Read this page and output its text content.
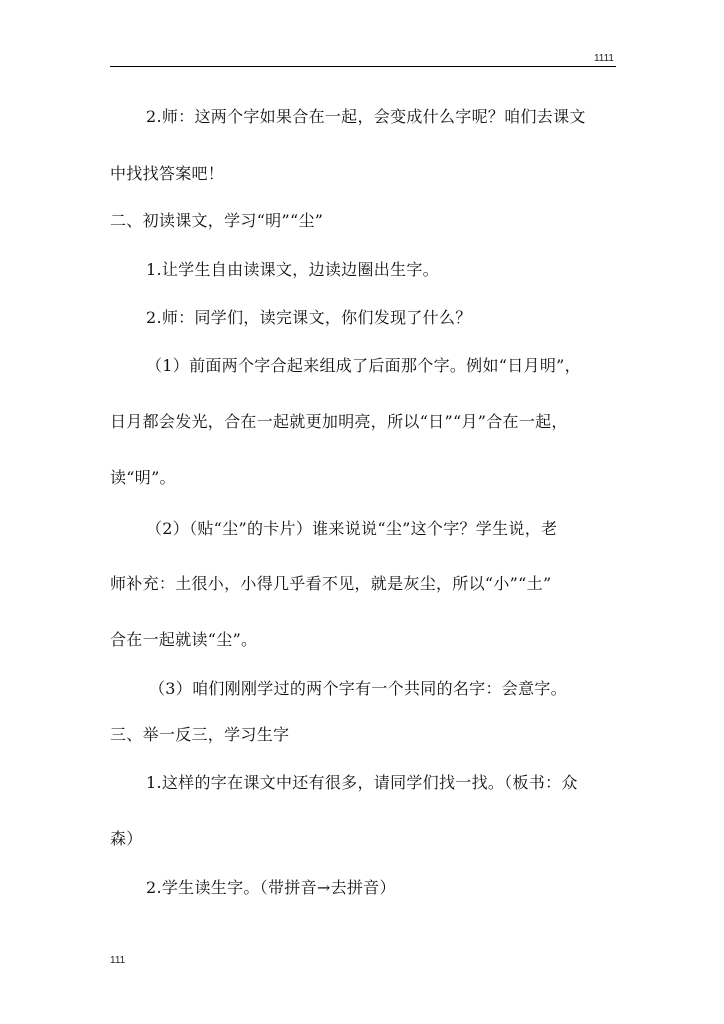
1111
2.师：这两个字如果合在一起，会变成什么字呢？咱们去课文
中找找答案吧！
二、初读课文，学习“明”“尘”
1.让学生自由读课文，边读边圈出生字。
2.师：同学们，读完课文，你们发现了什么？
（1）前面两个字合起来组成了后面那个字。例如“日月明”，
日月都会发光，合在一起就更加明亮，所以“日”“月”合在一起，
读“明”。
（2）（贴“尘”的卡片）谁来说说“尘”这个字？学生说，老
师补充：土很小，小得几乎看不见，就是灰尘，所以“小”“土”
合在一起就读“尘”。
（3）咱们刚刚学过的两个字有一个共同的名字：会意字。
三、举一反三，学习生字
1.这样的字在课文中还有很多，请同学们找一找。（板书：众
森）
2.学生读生字。（带拼音→去拼音）
111
